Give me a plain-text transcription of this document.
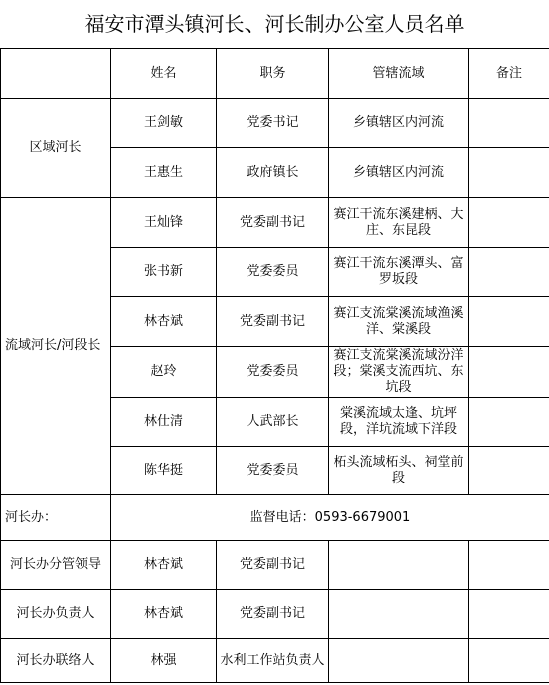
福安市潭头镇河长、河长制办公室人员名单
	姓名	职务	管辖流域	备注
区域河长	王剑敏	党委书记	乡镇辖区内河流	
	王惠生	政府镇长	乡镇辖区内河流	
流域河长/河段长	王灿锋	党委副书记	赛江干流东溪建柄、大庄、东昆段	
	张书新	党委委员	赛江干流东溪潭头、富罗坂段	
	林杏斌	党委副书记	赛江支流棠溪流域渔溪洋、棠溪段	
	赵玲	党委委员	赛江支流棠溪流域汾洋段；棠溪支流西坑、东坑段	
	林仕清	人武部长	棠溪流域太逢、坑坪段，洋坑流域下洋段	
	陈华挺	党委委员	柘头流域柘头、祠堂前段	
河长办：	监督电话：0593-6679001			
河长办分管领导	林杏斌	党委副书记		
河长办负责人	林杏斌	党委副书记		
河长办联络人	林强	水利工作站负责人		
